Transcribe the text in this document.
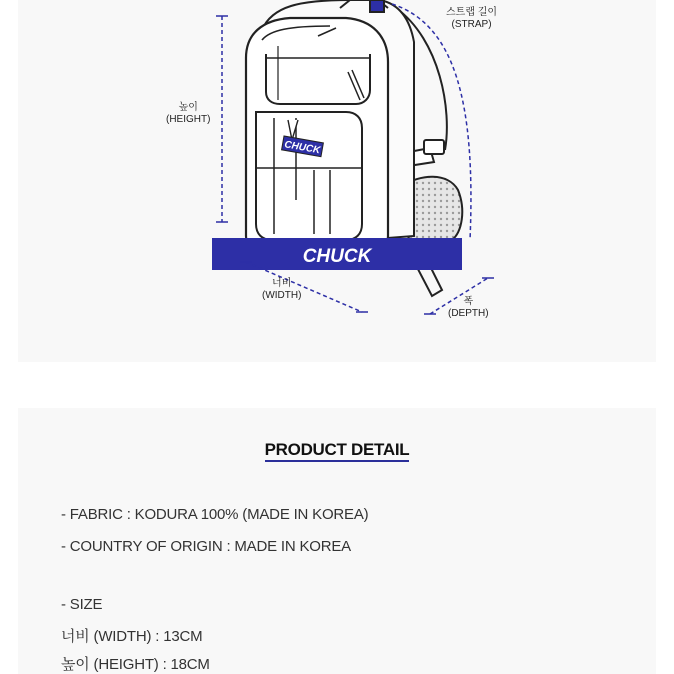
CHUCK
CHUCK
스트랩 길이
(STRAP)
높이
(HEIGHT)
너비
(WIDTH)
폭
(DEPTH)
PRODUCT DETAIL
- FABRIC : KODURA 100% (MADE IN KOREA)
- COUNTRY OF ORIGIN : MADE IN KOREA
- SIZE
너비 (WIDTH) : 13CM
높이 (HEIGHT) : 18CM
